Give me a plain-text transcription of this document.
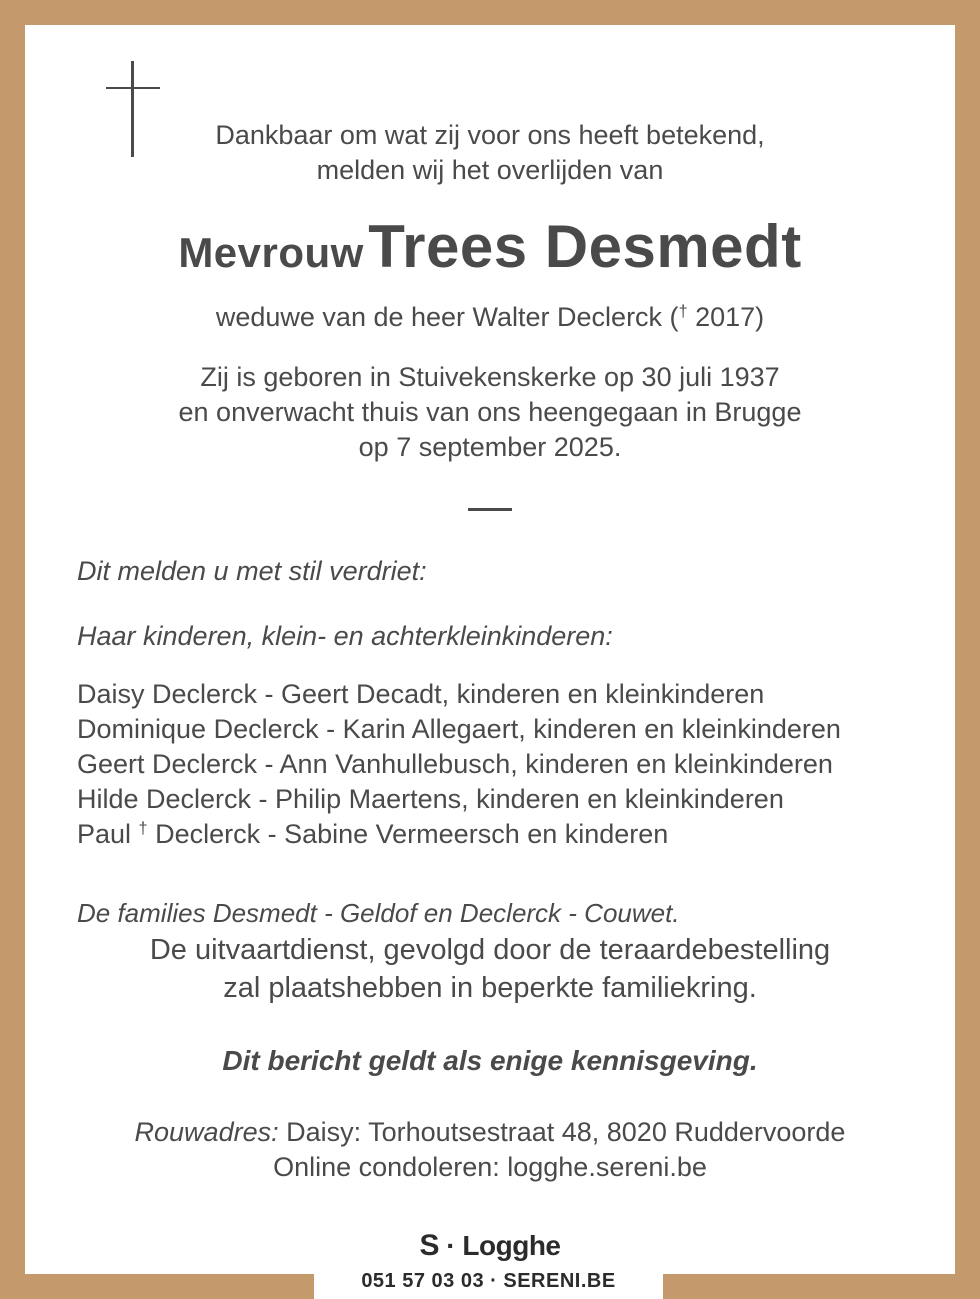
Dankbaar om wat zij voor ons heeft betekend,
melden wij het overlijden van
Mevrouw Trees Desmedt
weduwe van de heer Walter Declerck († 2017)
Zij is geboren in Stuivekenskerke op 30 juli 1937
en onverwacht thuis van ons heengegaan in Brugge
op 7 september 2025.
Dit melden u met stil verdriet:
Haar kinderen, klein- en achterkleinkinderen:
Daisy Declerck - Geert Decadt, kinderen en kleinkinderen
Dominique Declerck - Karin Allegaert, kinderen en kleinkinderen
Geert Declerck - Ann Vanhullebusch, kinderen en kleinkinderen
Hilde Declerck - Philip Maertens, kinderen en kleinkinderen
Paul † Declerck - Sabine Vermeersch en kinderen
De families Desmedt - Geldof en Declerck - Couwet.
De uitvaartdienst, gevolgd door de teraardebestelling
zal plaatshebben in beperkte familiekring.
Dit bericht geldt als enige kennisgeving.
Rouwadres: Daisy: Torhoutsestraat 48, 8020 Ruddervoorde
Online condoleren: logghe.sereni.be
S · Logghe
051 57 03 03 · SERENI.BE
